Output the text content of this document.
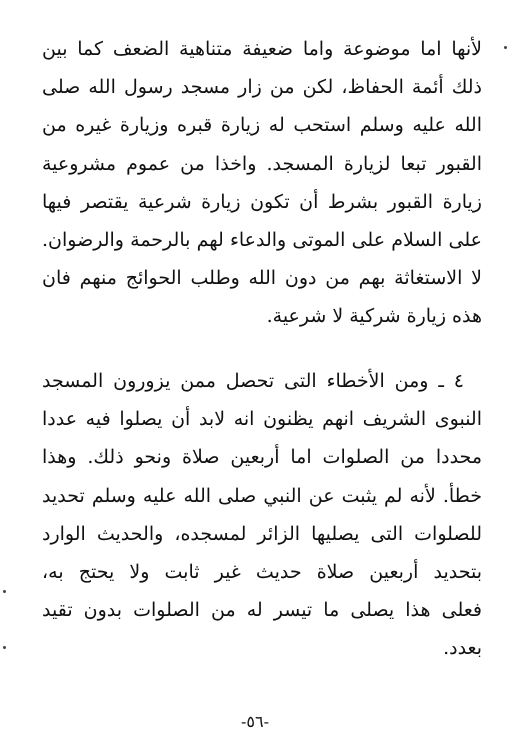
لأنها اما موضوعة واما ضعيفة متناهية الضعف كما بين
ذلك أئمة الحفاظ، لكن من زار مسجد رسول الله صلى
الله عليه وسلم استحب له زيارة قبره وزيارة غيره من
القبور تبعا لزيارة المسجد. واخذا من عموم مشروعية
زيارة القبور بشرط أن تكون زيارة شرعية يقتصر فيها
على السلام على الموتى والدعاء لهم بالرحمة والرضوان.
لا الاستغاثة بهم من دون الله وطلب الحوائج منهم فان
هذه زيارة شركية لا شرعية.
٤ ـ ومن الأخطاء التى تحصل ممن يزورون المسجد
النبوى الشريف انهم يظنون انه لابد أن يصلوا فيه عددا
محددا من الصلوات اما أربعين صلاة ونحو ذلك. وهذا
خطأ. لأنه لم يثبت عن النبي صلى الله عليه وسلم تحديد
للصلوات التى يصليها الزائر لمسجده، والحديث الوارد
بتحديد أربعين صلاة حديث غير ثابت ولا يحتج به،
فعلى هذا يصلى ما تيسر له من الصلوات بدون تقيد
بعدد.
-٥٦-
